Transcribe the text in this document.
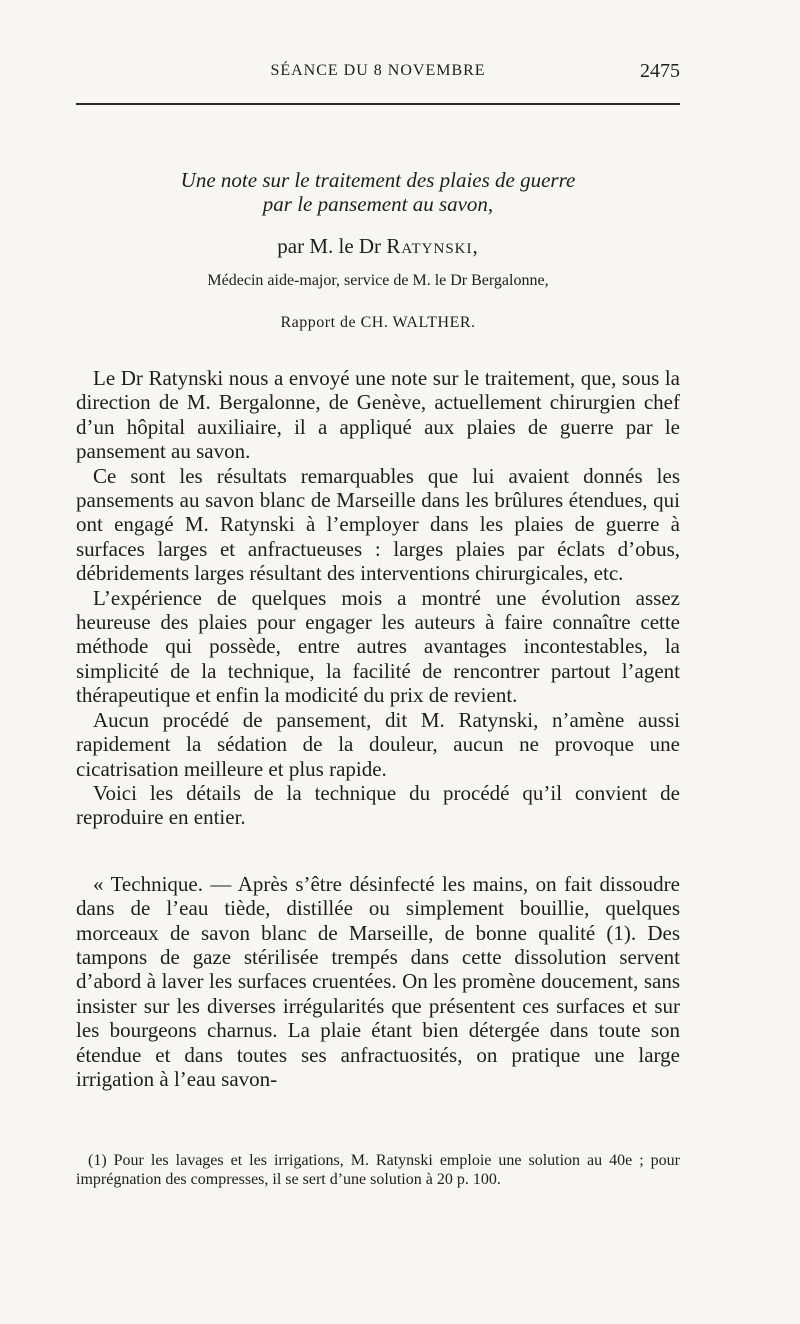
SÉANCE DU 8 NOVEMBRE	2475
Une note sur le traitement des plaies de guerre
par le pansement au savon,
par M. le Dr Ratynski,
Médecin aide-major, service de M. le Dr Bergalonne,
Rapport de CH. WALTHER.

Le Dr Ratynski nous a envoyé une note sur le traitement, que, sous la direction de M. Bergalonne, de Genève, actuellement chirurgien chef d’un hôpital auxiliaire, il a appliqué aux plaies de guerre par le pansement au savon.

Ce sont les résultats remarquables que lui avaient donnés les pansements au savon blanc de Marseille dans les brûlures étendues, qui ont engagé M. Ratynski à l’employer dans les plaies de guerre à surfaces larges et anfractueuses : larges plaies par éclats d’obus, débridements larges résultant des interventions chirurgicales, etc.

L’expérience de quelques mois a montré une évolution assez heureuse des plaies pour engager les auteurs à faire connaître cette méthode qui possède, entre autres avantages incontestables, la simplicité de la technique, la facilité de rencontrer partout l’agent thérapeutique et enfin la modicité du prix de revient.

Aucun procédé de pansement, dit M. Ratynski, n’amène aussi rapidement la sédation de la douleur, aucun ne provoque une cicatrisation meilleure et plus rapide.

Voici les détails de la technique du procédé qu’il convient de reproduire en entier.

« Technique. — Après s’être désinfecté les mains, on fait dissoudre dans de l’eau tiède, distillée ou simplement bouillie, quelques morceaux de savon blanc de Marseille, de bonne qualité (1). Des tampons de gaze stérilisée trempés dans cette dissolution servent d’abord à laver les surfaces cruentées. On les promène doucement, sans insister sur les diverses irrégularités que présentent ces surfaces et sur les bourgeons charnus. La plaie étant bien détergée dans toute son étendue et dans toutes ses anfractuosités, on pratique une large irrigation à l’eau savon-

(1) Pour les lavages et les irrigations, M. Ratynski emploie une solution au 40e ; pour imprégnation des compresses, il se sert d’une solution à 20 p. 100.
